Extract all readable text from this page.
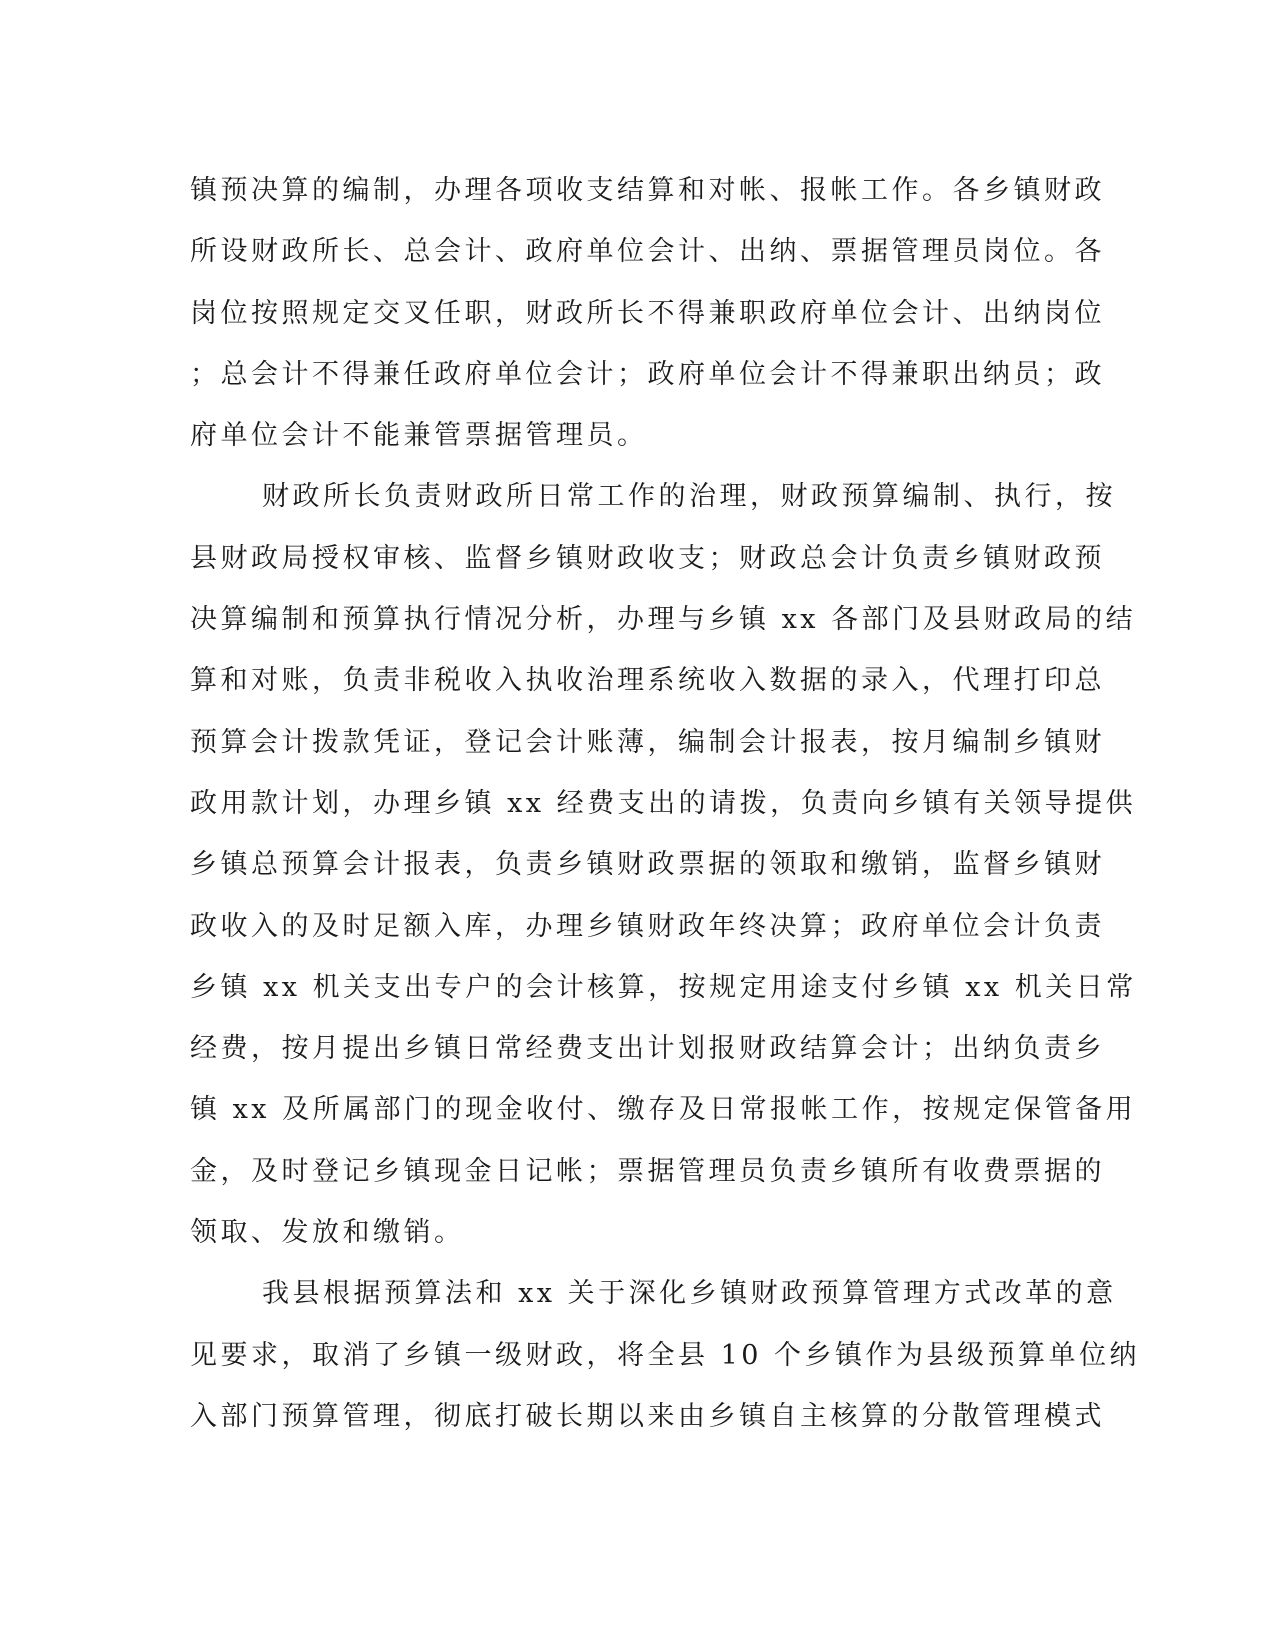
镇预决算的编制，办理各项收支结算和对帐、报帐工作。各乡镇财政
所设财政所长、总会计、政府单位会计、出纳、票据管理员岗位。各
岗位按照规定交叉任职，财政所长不得兼职政府单位会计、出纳岗位
；总会计不得兼任政府单位会计；政府单位会计不得兼职出纳员；政
府单位会计不能兼管票据管理员。
财政所长负责财政所日常工作的治理，财政预算编制、执行，按
县财政局授权审核、监督乡镇财政收支；财政总会计负责乡镇财政预
决算编制和预算执行情况分析，办理与乡镇 xx 各部门及县财政局的结
算和对账，负责非税收入执收治理系统收入数据的录入，代理打印总
预算会计拨款凭证，登记会计账薄，编制会计报表，按月编制乡镇财
政用款计划，办理乡镇 xx 经费支出的请拨，负责向乡镇有关领导提供
乡镇总预算会计报表，负责乡镇财政票据的领取和缴销，监督乡镇财
政收入的及时足额入库，办理乡镇财政年终决算；政府单位会计负责
乡镇 xx 机关支出专户的会计核算，按规定用途支付乡镇 xx 机关日常
经费，按月提出乡镇日常经费支出计划报财政结算会计；出纳负责乡
镇 xx 及所属部门的现金收付、缴存及日常报帐工作，按规定保管备用
金，及时登记乡镇现金日记帐；票据管理员负责乡镇所有收费票据的
领取、发放和缴销。
我县根据预算法和 xx 关于深化乡镇财政预算管理方式改革的意
见要求，取消了乡镇一级财政，将全县 10 个乡镇作为县级预算单位纳
入部门预算管理，彻底打破长期以来由乡镇自主核算的分散管理模式
